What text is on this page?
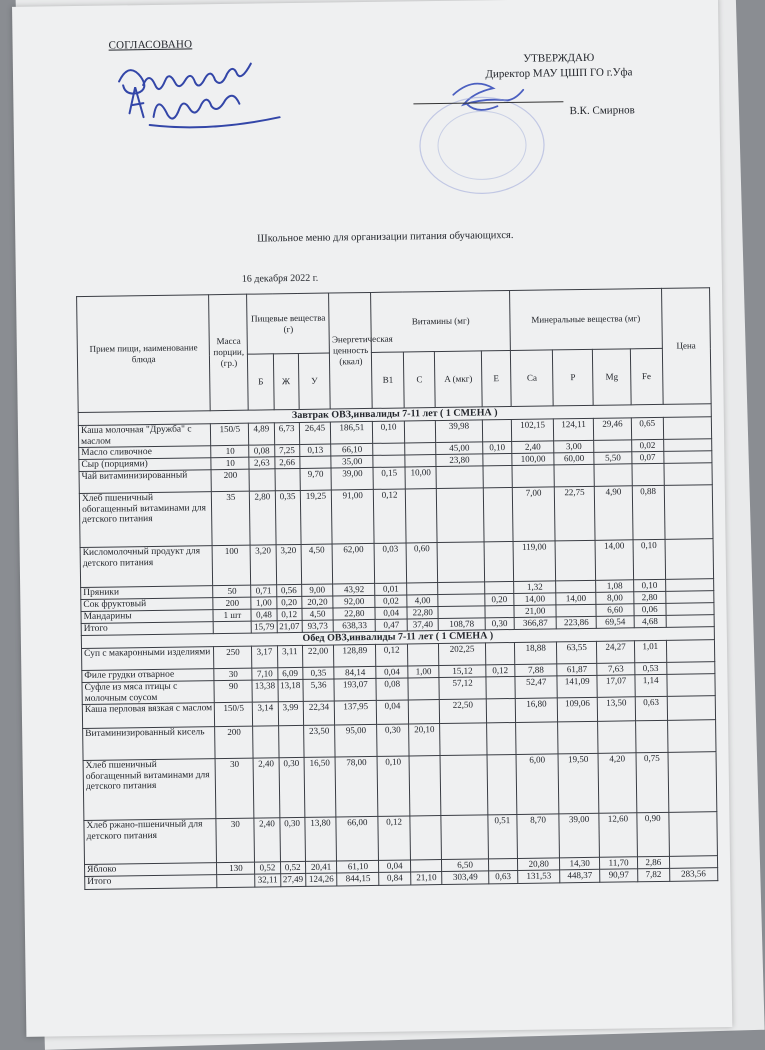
СОГЛАСОВАНО
УТВЕРЖДАЮ
Директор МАУ ЦШП ГО г.Уфа
В.К. Смирнов
Школьное меню для организации питания обучающихся.
16 декабря 2022 г.
Прием пищи, наименование блюда	Масса порции, (гр.)	Пищевые вещества (г)			Энергетическая ценность (ккал)	Витамины (мг)				Минеральные вещества (мг)				Цена
		Б	Ж	У		B1	C	A (мкг)	E	Ca	P	Mg	Fe	
Завтрак ОВЗ,инвалиды 7-11 лет ( 1 СМЕНА )														
Каша молочная "Дружба" с маслом	150/5	4,89	6,73	26,45	186,51	0,10		39,98		102,15	124,11	29,46	0,65	
Масло сливочное	10	0,08	7,25	0,13	66,10			45,00	0,10	2,40	3,00		0,02	
Сыр (порциями)	10	2,63	2,66		35,00			23,80		100,00	60,00	5,50	0,07	
Чай витаминизированный	200			9,70	39,00	0,15	10,00							
Хлеб пшеничный обогащенный витаминами для детского питания	35	2,80	0,35	19,25	91,00	0,12				7,00	22,75	4,90	0,88	
Кисломолочный продукт для детского питания	100	3,20	3,20	4,50	62,00	0,03	0,60			119,00		14,00	0,10	
Пряники	50	0,71	0,56	9,00	43,92	0,01				1,32		1,08	0,10	
Сок фруктовый	200	1,00	0,20	20,20	92,00	0,02	4,00		0,20	14,00	14,00	8,00	2,80	
Мандарины	1 шт	0,48	0,12	4,50	22,80	0,04	22,80			21,00		6,60	0,06	
Итого		15,79	21,07	93,73	638,33	0,47	37,40	108,78	0,30	366,87	223,86	69,54	4,68	
Обед ОВЗ,инвалиды 7-11 лет ( 1 СМЕНА )														
Суп с макаронными изделиями	250	3,17	3,11	22,00	128,89	0,12		202,25		18,88	63,55	24,27	1,01	
Филе грудки отварное	30	7,10	6,09	0,35	84,14	0,04	1,00	15,12	0,12	7,88	61,87	7,63	0,53	
Суфле из мяса птицы с молочным соусом	90	13,38	13,18	5,36	193,07	0,08		57,12		52,47	141,09	17,07	1,14	
Каша перловая вязкая с маслом	150/5	3,14	3,99	22,34	137,95	0,04		22,50		16,80	109,06	13,50	0,63	
Витаминизированный кисель	200			23,50	95,00	0,30	20,10							
Хлеб пшеничный обогащенный витаминами для детского питания	30	2,40	0,30	16,50	78,00	0,10				6,00	19,50	4,20	0,75	
Хлеб ржано-пшеничный для детского питания	30	2,40	0,30	13,80	66,00	0,12			0,51	8,70	39,00	12,60	0,90	
Яблоко	130	0,52	0,52	20,41	61,10	0,04		6,50		20,80	14,30	11,70	2,86	
Итого		32,11	27,49	124,26	844,15	0,84	21,10	303,49	0,63	131,53	448,37	90,97	7,82	283,56
